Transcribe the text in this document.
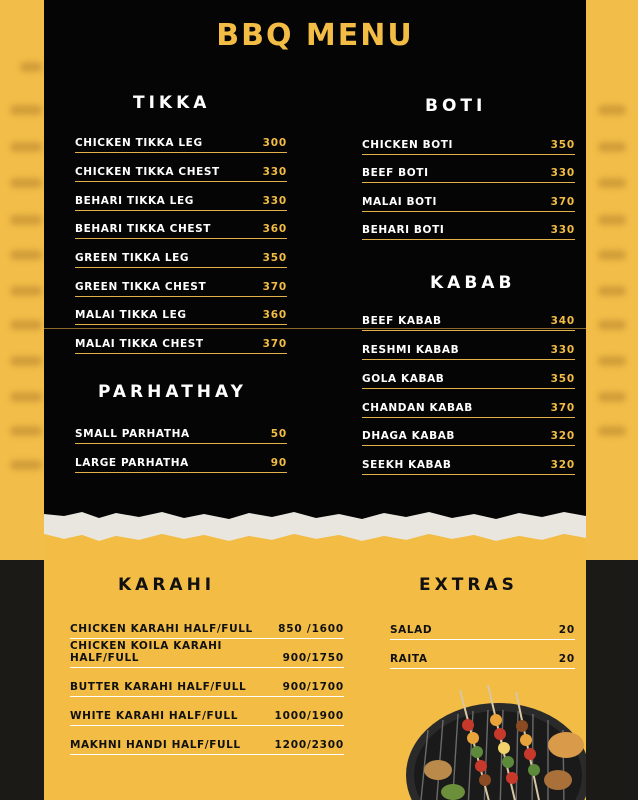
BBQ MENU
TIKKA
CHICKEN TIKKA LEG	300
CHICKEN TIKKA CHEST	330
BEHARI TIKKA LEG	330
BEHARI TIKKA CHEST	360
GREEN TIKKA LEG	350
GREEN TIKKA CHEST	370
MALAI TIKKA LEG	360
MALAI TIKKA CHEST	370
BOTI
CHICKEN BOTI	350
BEEF BOTI	330
MALAI BOTI	370
BEHARI BOTI	330
KABAB
BEEF KABAB	340
RESHMI KABAB	330
GOLA KABAB	350
CHANDAN KABAB	370
DHAGA KABAB	320
SEEKH KABAB	320
PARHATHAY
SMALL PARHATHA	50
LARGE PARHATHA	90
KARAHI
CHICKEN KARAHI HALF/FULL 850 /1600
CHICKEN KOILA KARAHI HALF/FULL	900/1750
BUTTER KARAHI HALF/FULL	900/1700
WHITE KARAHI HALF/FULL	1000/1900
MAKHNI HANDI HALF/FULL	1200/2300
EXTRAS
SALAD	20
RAITA	20
